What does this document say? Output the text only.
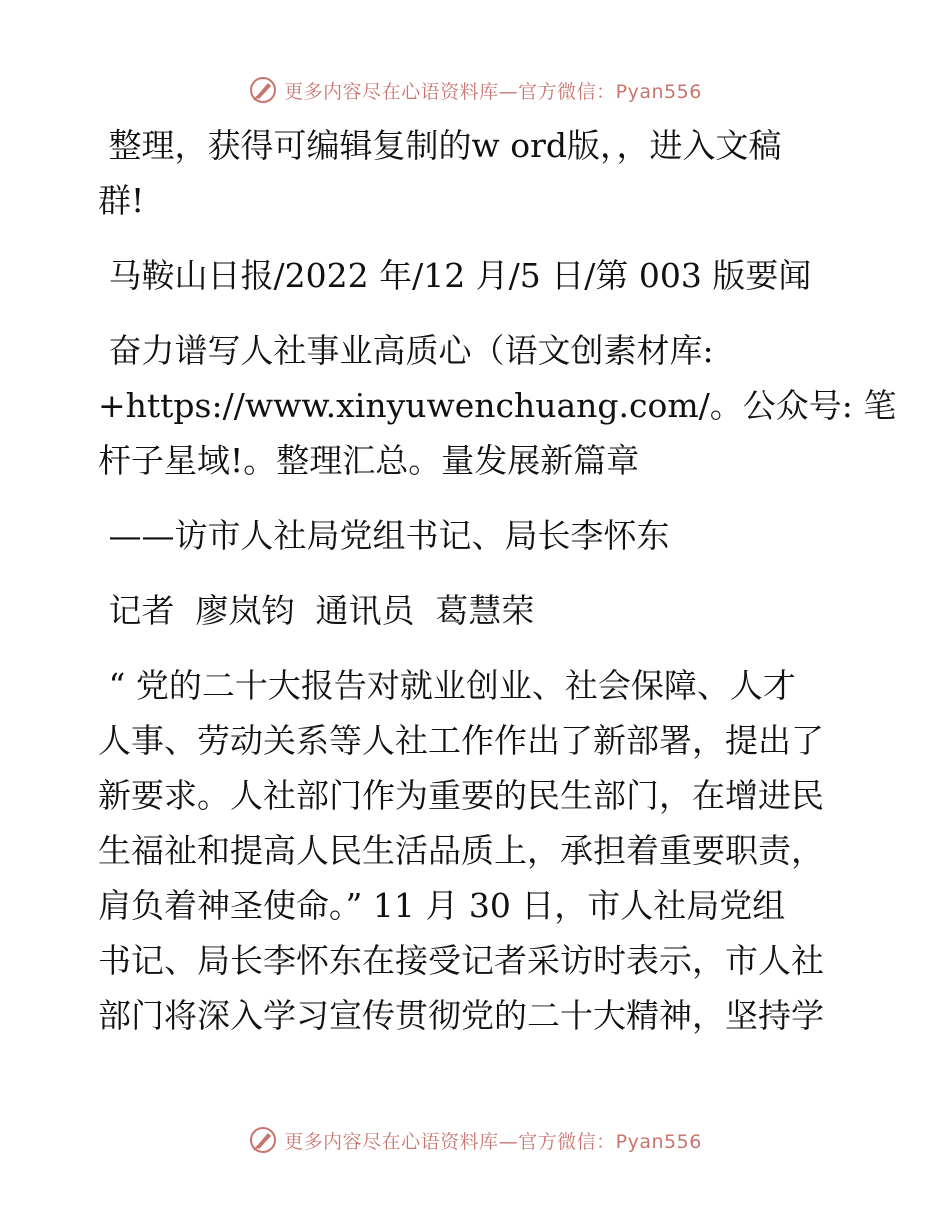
更多内容尽在心语资料库—官方微信：Pyan556
整理，获得可编辑复制的w ord版，，进入文稿
群!
马鞍山日报/2022 年/12 月/5 日/第 003 版要闻
奋力谱写人社事业高质心（语文创素材库:
+https://www.xinyuwenchuang.com/。公众号: 笔
杆子星域!。整理汇总。量发展新篇章
——访市人社局党组书记、局长李怀东
记者  廖岚钧  通讯员  葛慧荣
“ 党的二十大报告对就业创业、社会保障、人才
人事、劳动关系等人社工作作出了新部署，提出了
新要求。人社部门作为重要的民生部门，在增进民
生福祉和提高人民生活品质上，承担着重要职责，
肩负着神圣使命。” 11 月 30 日，市人社局党组
书记、局长李怀东在接受记者采访时表示，市人社
部门将深入学习宣传贯彻党的二十大精神，坚持学
更多内容尽在心语资料库—官方微信：Pyan556
